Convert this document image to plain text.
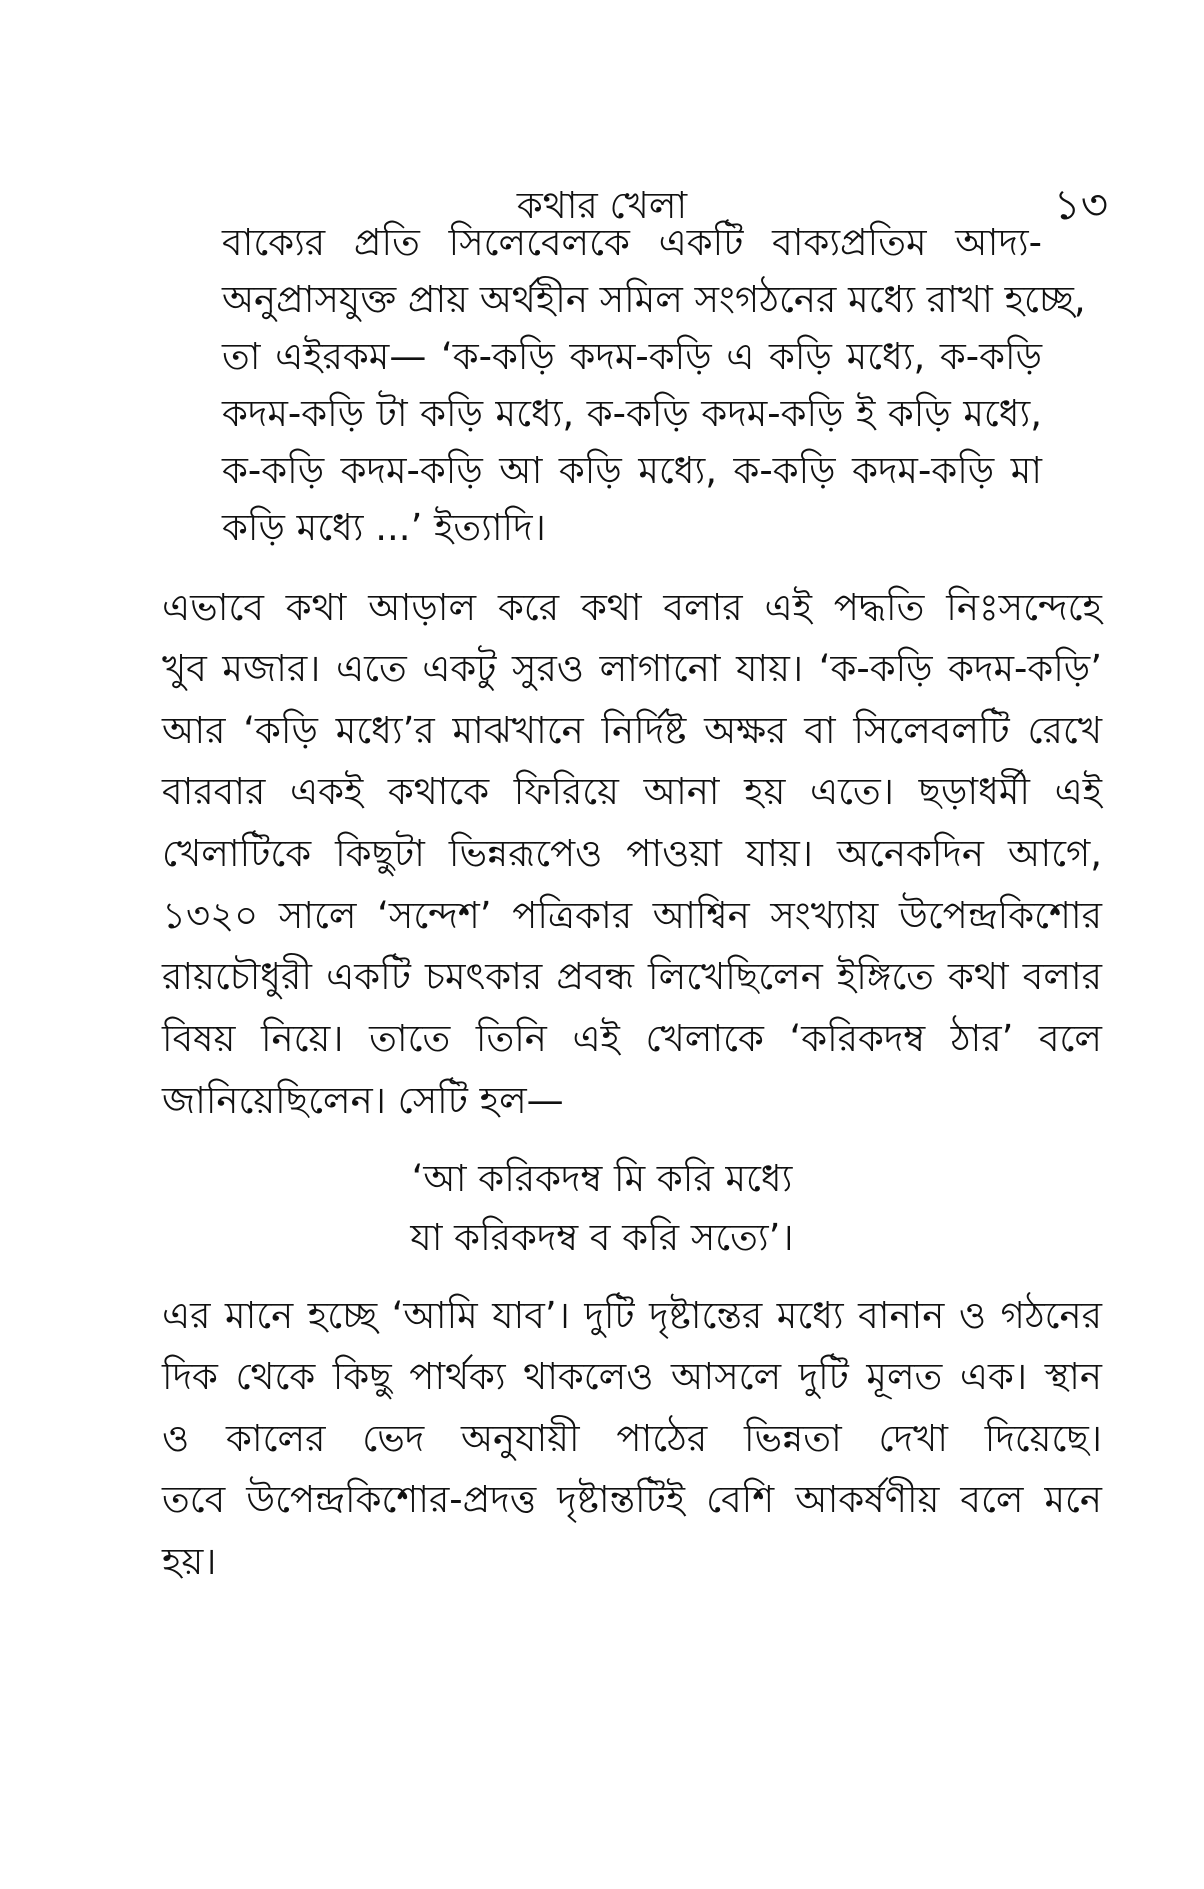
কথার খেলা	১৩
বাক্যের প্রতি সিলেবেলকে একটি বাক্যপ্রতিম আদ্য-
অনুপ্রাসযুক্ত প্রায় অর্থহীন সমিল সংগঠনের মধ্যে রাখা হচ্ছে,
তা এইরকম— ‘ক-কড়ি কদম-কড়ি এ কড়ি মধ্যে, ক-কড়ি
কদম-কড়ি টা কড়ি মধ্যে, ক-কড়ি কদম-কড়ি ই কড়ি মধ্যে,
ক-কড়ি কদম-কড়ি আ কড়ি মধ্যে, ক-কড়ি কদম-কড়ি মা
কড়ি মধ্যে ...’ ইত্যাদি।
এভাবে কথা আড়াল করে কথা বলার এই পদ্ধতি নিঃসন্দেহে
খুব মজার। এতে একটু সুরও লাগানো যায়। ‘ক-কড়ি কদম-কড়ি’
আর ‘কড়ি মধ্যে’র মাঝখানে নির্দিষ্ট অক্ষর বা সিলেবলটি রেখে
বারবার একই কথাকে ফিরিয়ে আনা হয় এতে। ছড়াধর্মী এই
খেলাটিকে কিছুটা ভিন্নরূপেও পাওয়া যায়। অনেকদিন আগে,
১৩২০ সালে ‘সন্দেশ’ পত্রিকার আশ্বিন সংখ্যায় উপেন্দ্রকিশোর
রায়চৌধুরী একটি চমৎকার প্রবন্ধ লিখেছিলেন ইঙ্গিতে কথা বলার
বিষয় নিয়ে। তাতে তিনি এই খেলাকে ‘করিকদম্ব ঠার’ বলে
জানিয়েছিলেন। সেটি হল—
‘আ করিকদম্ব মি করি মধ্যে
যা করিকদম্ব ব করি সত্যে’।
এর মানে হচ্ছে ‘আমি যাব’। দুটি দৃষ্টান্তের মধ্যে বানান ও গঠনের
দিক থেকে কিছু পার্থক্য থাকলেও আসলে দুটি মূলত এক। স্থান
ও কালের ভেদ অনুযায়ী পাঠের ভিন্নতা দেখা দিয়েছে।
তবে উপেন্দ্রকিশোর-প্রদত্ত দৃষ্টান্তটিই বেশি আকর্ষণীয় বলে মনে
হয়।
